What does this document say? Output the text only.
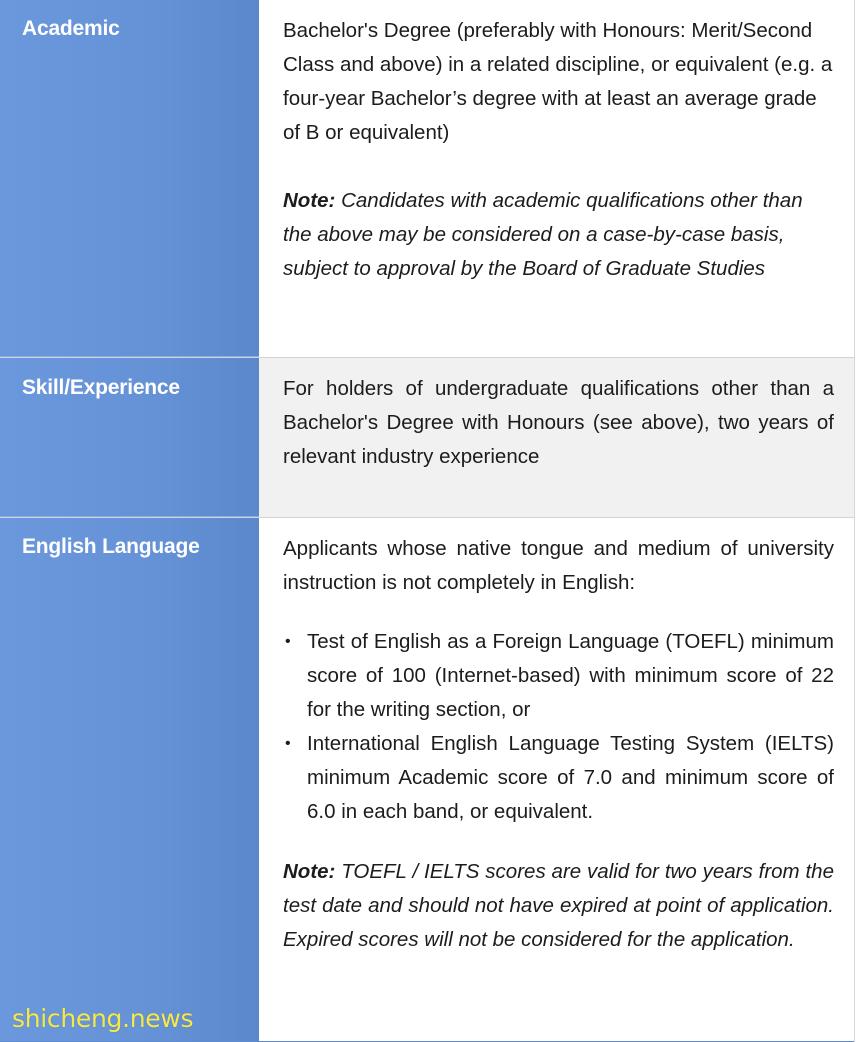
Academic	Bachelor's Degree (preferably with Honours: Merit/Second Class and above) in a related discipline, or equivalent (e.g. a four-year Bachelor’s degree with at least an average grade of B or equivalent)

Note: Candidates with academic qualifications other than the above may be considered on a case-by-case basis, subject to approval by the Board of Graduate Studies

Skill/Experience	For holders of undergraduate qualifications other than a Bachelor's Degree with Honours (see above), two years of relevant industry experience

English Language	Applicants whose native tongue and medium of university instruction is not completely in English:

• Test of English as a Foreign Language (TOEFL) minimum score of 100 (Internet-based) with minimum score of 22 for the writing section, or
• International English Language Testing System (IELTS) minimum Academic score of 7.0 and minimum score of 6.0 in each band, or equivalent.

Note: TOEFL / IELTS scores are valid for two years from the test date and should not have expired at point of application. Expired scores will not be considered for the application.

shicheng.news
